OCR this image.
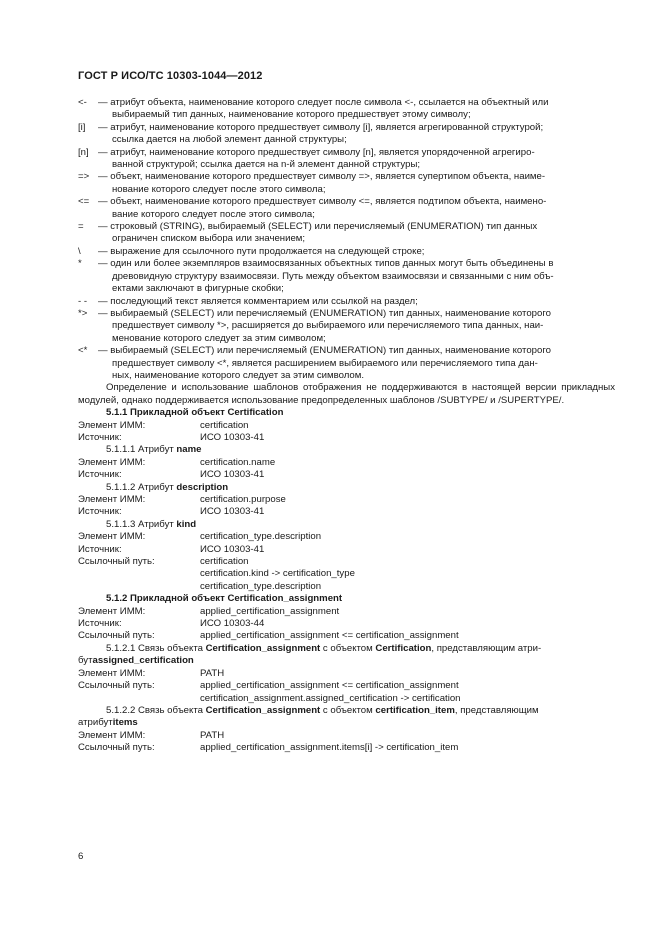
ГОСТ Р ИСО/ТС 10303-1044—2012
<-	— атрибут объекта, наименование которого следует после символа <-, ссылается на объектный или
выбираемый тип данных, наименование которого предшествует этому символу;
[i]	— атрибут, наименование которого предшествует символу [i], является агрегированной структурой;
ссылка дается на любой элемент данной структуры;
[n] — атрибут, наименование которого предшествует символу [n], является упорядоченной агрегиро-
ванной структурой; ссылка дается на n-й элемент данной структуры;
=> — объект, наименование которого предшествует символу =>, является супертипом объекта, наиме-
нование которого следует после этого символа;
<= — объект, наименование которого предшествует символу <=, является подтипом объекта, наимено-
вание которого следует после этого символа;
=	— строковый (STRING), выбираемый (SELECT) или перечисляемый (ENUMERATION) тип данных
ограничен списком выбора или значением;
\	— выражение для ссылочного пути продолжается на следующей строке;
*	— один или более экземпляров взаимосвязанных объектных типов данных могут быть объединены в
древовидную структуру взаимосвязи. Путь между объектом взаимосвязи и связанными с ним объ-
ектами заключают в фигурные скобки;
- -	— последующий текст является комментарием или ссылкой на раздел;
*>	— выбираемый (SELECT) или перечисляемый (ENUMERATION) тип данных, наименование которого
предшествует символу *>, расширяется до выбираемого или перечисляемого типа данных, наи-
менование которого следует за этим символом;
<*	— выбираемый (SELECT) или перечисляемый (ENUMERATION) тип данных, наименование которого
предшествует символу <*, является расширением выбираемого или перечисляемого типа дан-
ных, наименование которого следует за этим символом.
Определение и использование шаблонов отображения не поддерживаются в настоящей версии прикладных модулей, однако поддерживается использование предопределенных шаблонов /SUBTYPE/ и /SUPERTYPE/.
5.1.1 Прикладной объект Certification
Элемент ИММ:	certification
Источник:	ИСО 10303-41
5.1.1.1 Атрибут name
Элемент ИММ:	certification.name
Источник:	ИСО 10303-41
5.1.1.2 Атрибут description
Элемент ИММ:	certification.purpose
Источник:	ИСО 10303-41
5.1.1.3 Атрибут kind
Элемент ИММ:	certification_type.description
Источник:	ИСО 10303-41
Ссылочный путь:	certification
certification.kind -> certification_type
certification_type.description
5.1.2 Прикладной объект Certification_assignment
Элемент ИММ:	applied_certification_assignment
Источник:	ИСО 10303-44
Ссылочный путь:	applied_certification_assignment <= certification_assignment
5.1.2.1 Связь объекта Certification_assignment с объектом Certification, представляющим атри-
бутassigned_certification
Элемент ИММ:	PATH
Ссылочный путь:	applied_certification_assignment <= certification_assignment
certification_assignment.assigned_certification -> certification
5.1.2.2 Связь объекта Certification_assignment с объектом certification_item, представляющим
атрибутitems
Элемент ИММ:	PATH
Ссылочный путь:	applied_certification_assignment.items[i] -> certification_item
6
